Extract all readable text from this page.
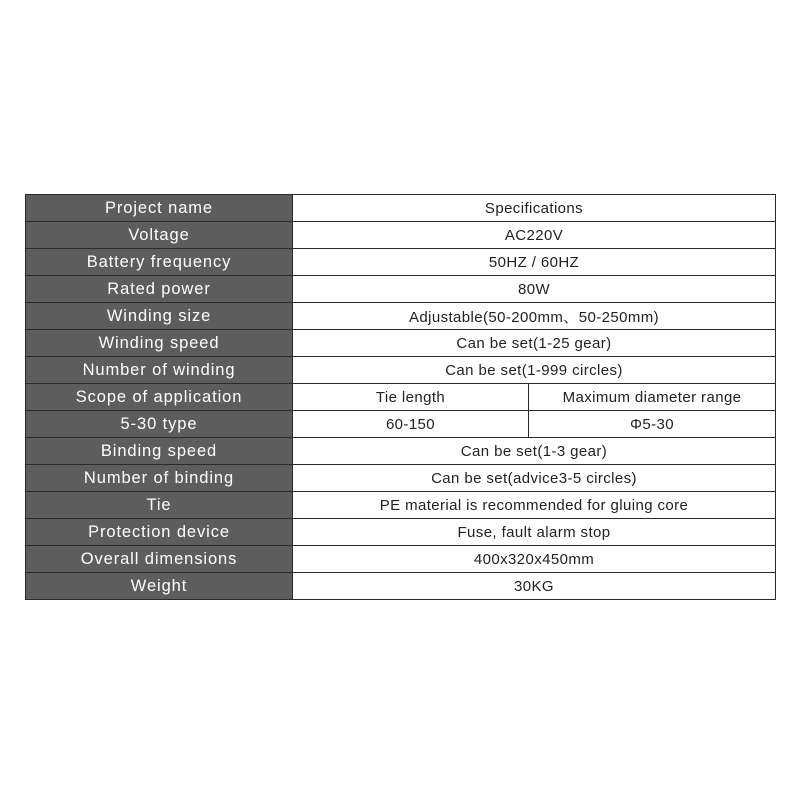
Project name	Specifications	
Voltage	AC220V	
Battery frequency	50HZ / 60HZ	
Rated power	80W	
Winding size	Adjustable(50-200mm、50-250mm)	
Winding speed	Can be set(1-25 gear)	
Number of winding	Can be set(1-999 circles)	
Scope of application	Tie length	Maximum diameter range
5-30 type	60-150	Φ5-30
Binding speed	Can be set(1-3 gear)	
Number of binding	Can be set(advice3-5 circles)	
Tie	PE material is recommended for gluing core	
Protection device	Fuse, fault alarm stop	
Overall dimensions	400x320x450mm	
Weight	30KG	
